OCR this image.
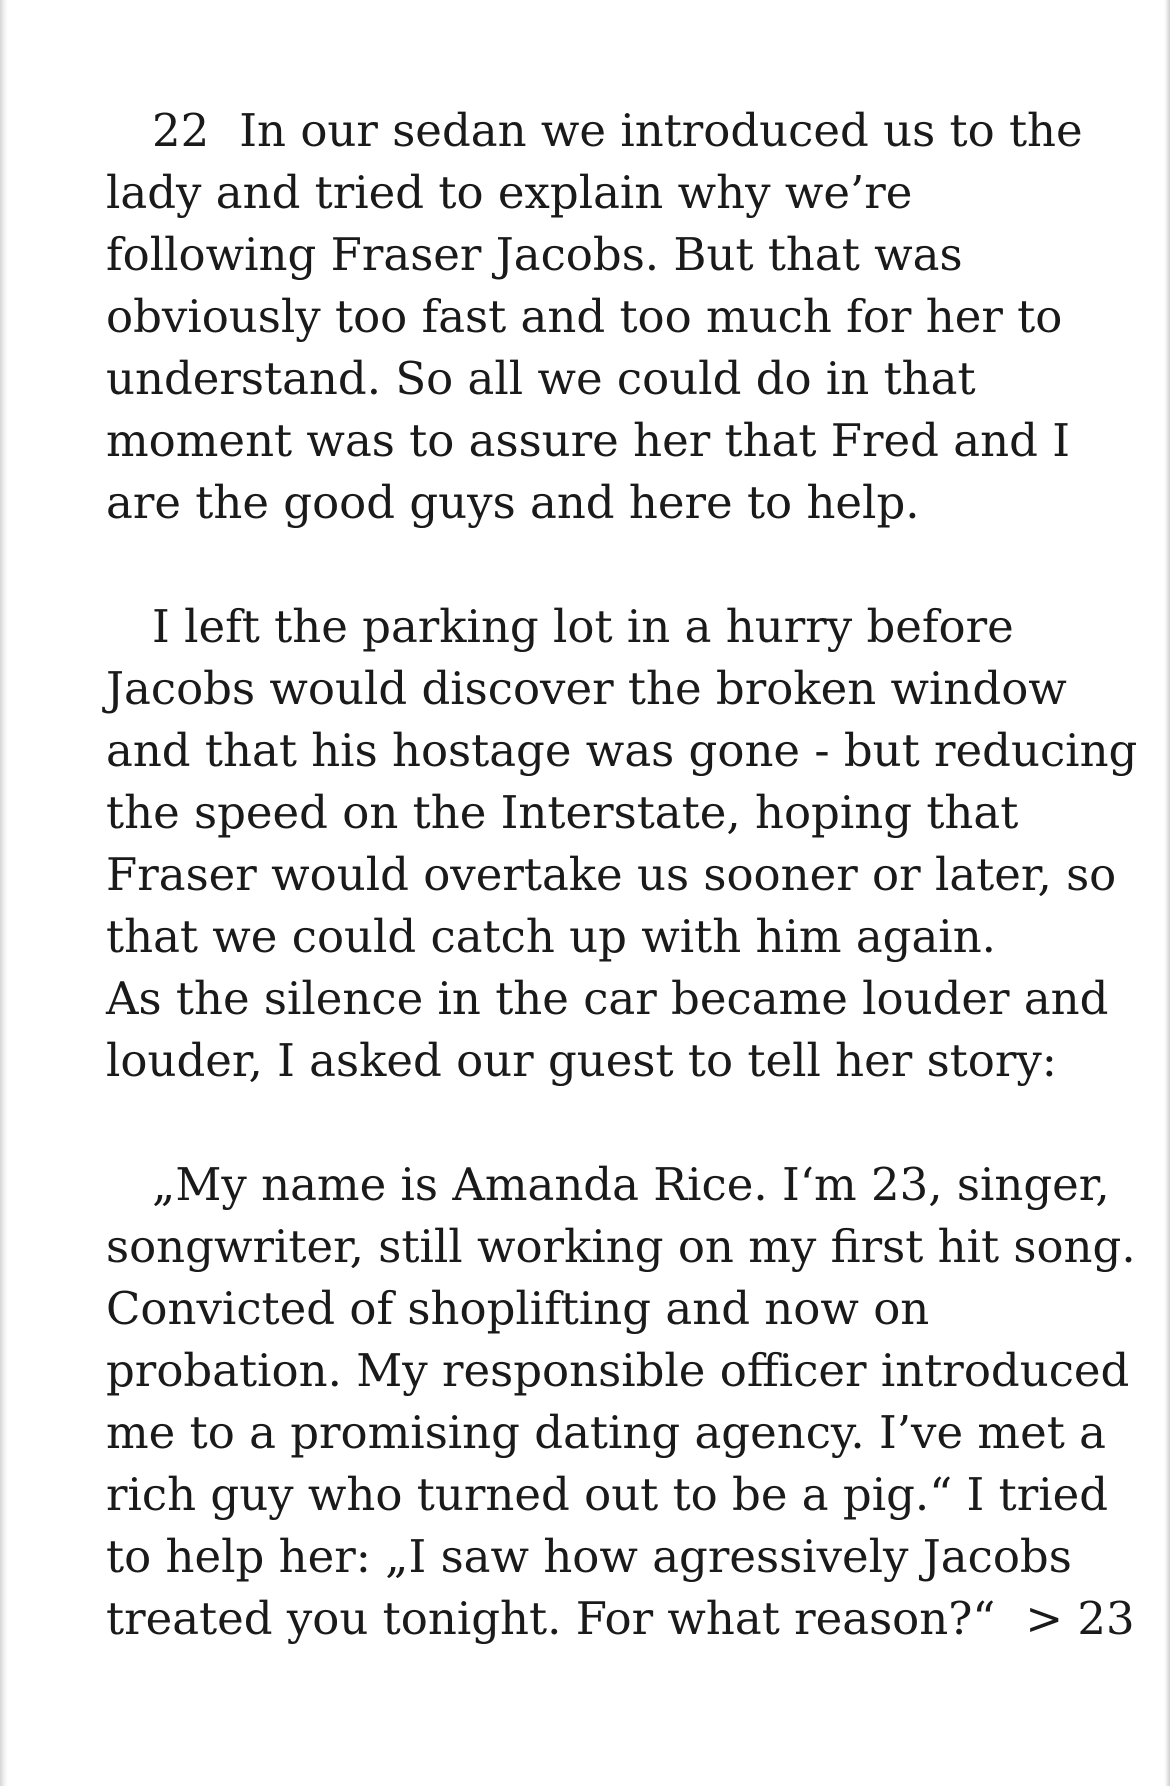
22 In our sedan we introduced us to the
lady and tried to explain why we’re
following Fraser Jacobs. But that was
obviously too fast and too much for her to
understand. So all we could do in that
moment was to assure her that Fred and I
are the good guys and here to help.
I left the parking lot in a hurry before
Jacobs would discover the broken window
and that his hostage was gone - but reducing
the speed on the Interstate, hoping that
Fraser would overtake us sooner or later, so
that we could catch up with him again.
As the silence in the car became louder and
louder, I asked our guest to tell her story:
„My name is Amanda Rice. I‘m 23, singer,
songwriter, still working on my first hit song.
Convicted of shoplifting and now on
probation. My responsible officer introduced
me to a promising dating agency. I’ve met a
rich guy who turned out to be a pig.“ I tried
to help her: „I saw how agressively Jacobs
treated you tonight. For what reason?“ > 23
